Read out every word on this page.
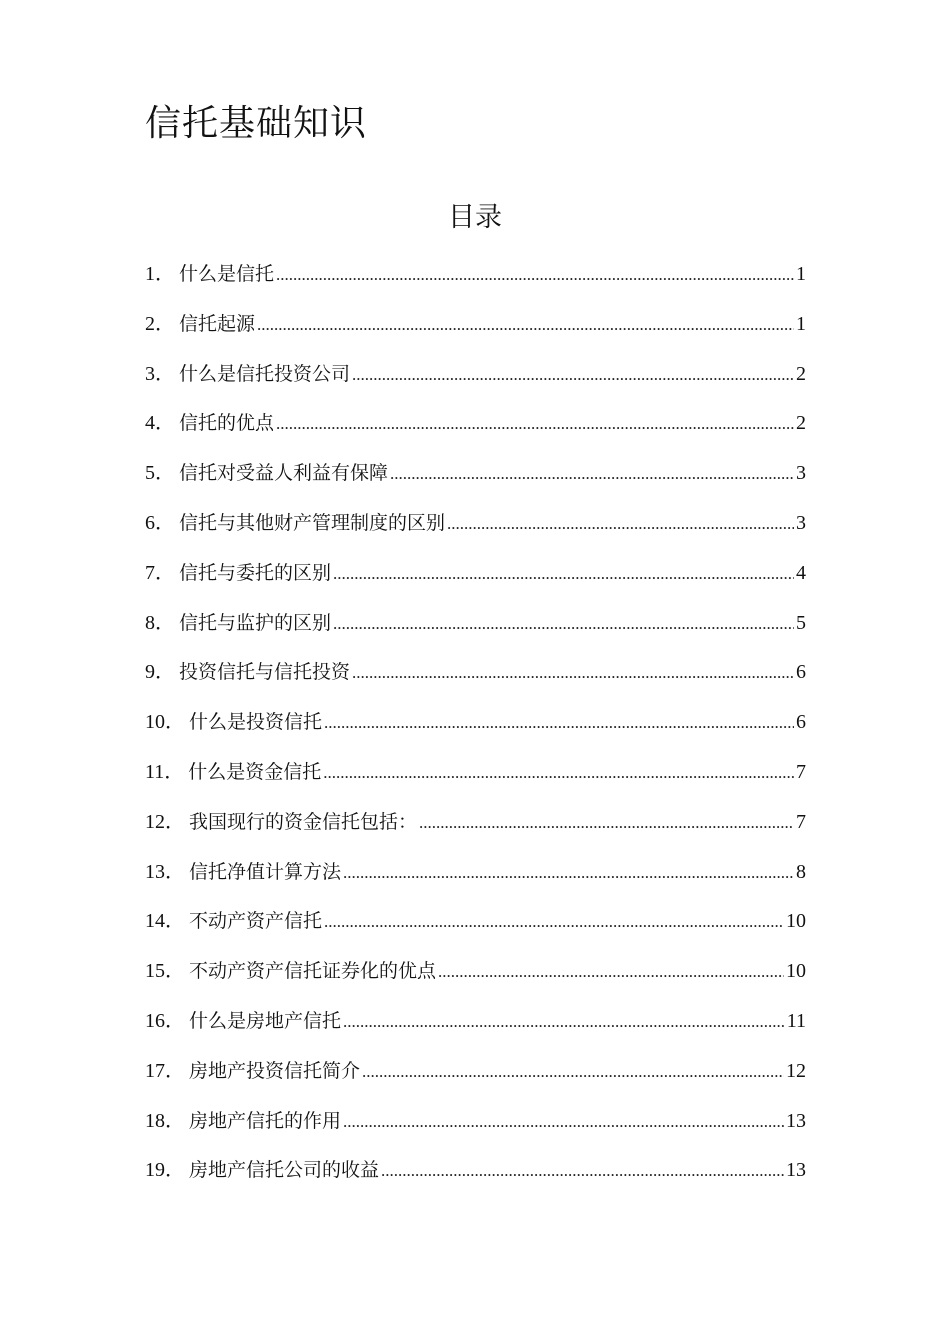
信托基础知识
目录
1． 什么是信托 .....	1
2． 信托起源 .....	1
3． 什么是信托投资公司 .....	2
4． 信托的优点 .....	2
5． 信托对受益人利益有保障 .....	3
6． 信托与其他财产管理制度的区别 .....	3
7． 信托与委托的区别 .....	4
8． 信托与监护的区别 .....	5
9． 投资信托与信托投资 .....	6
10． 什么是投资信托 .....	6
11． 什么是资金信托 .....	7
12． 我国现行的资金信托包括： .....	7
13． 信托净值计算方法 .....	8
14． 不动产资产信托 .....	10
15． 不动产资产信托证券化的优点 .....	10
16． 什么是房地产信托 .....	11
17． 房地产投资信托简介 .....	12
18． 房地产信托的作用 .....	13
19． 房地产信托公司的收益 .....	13
